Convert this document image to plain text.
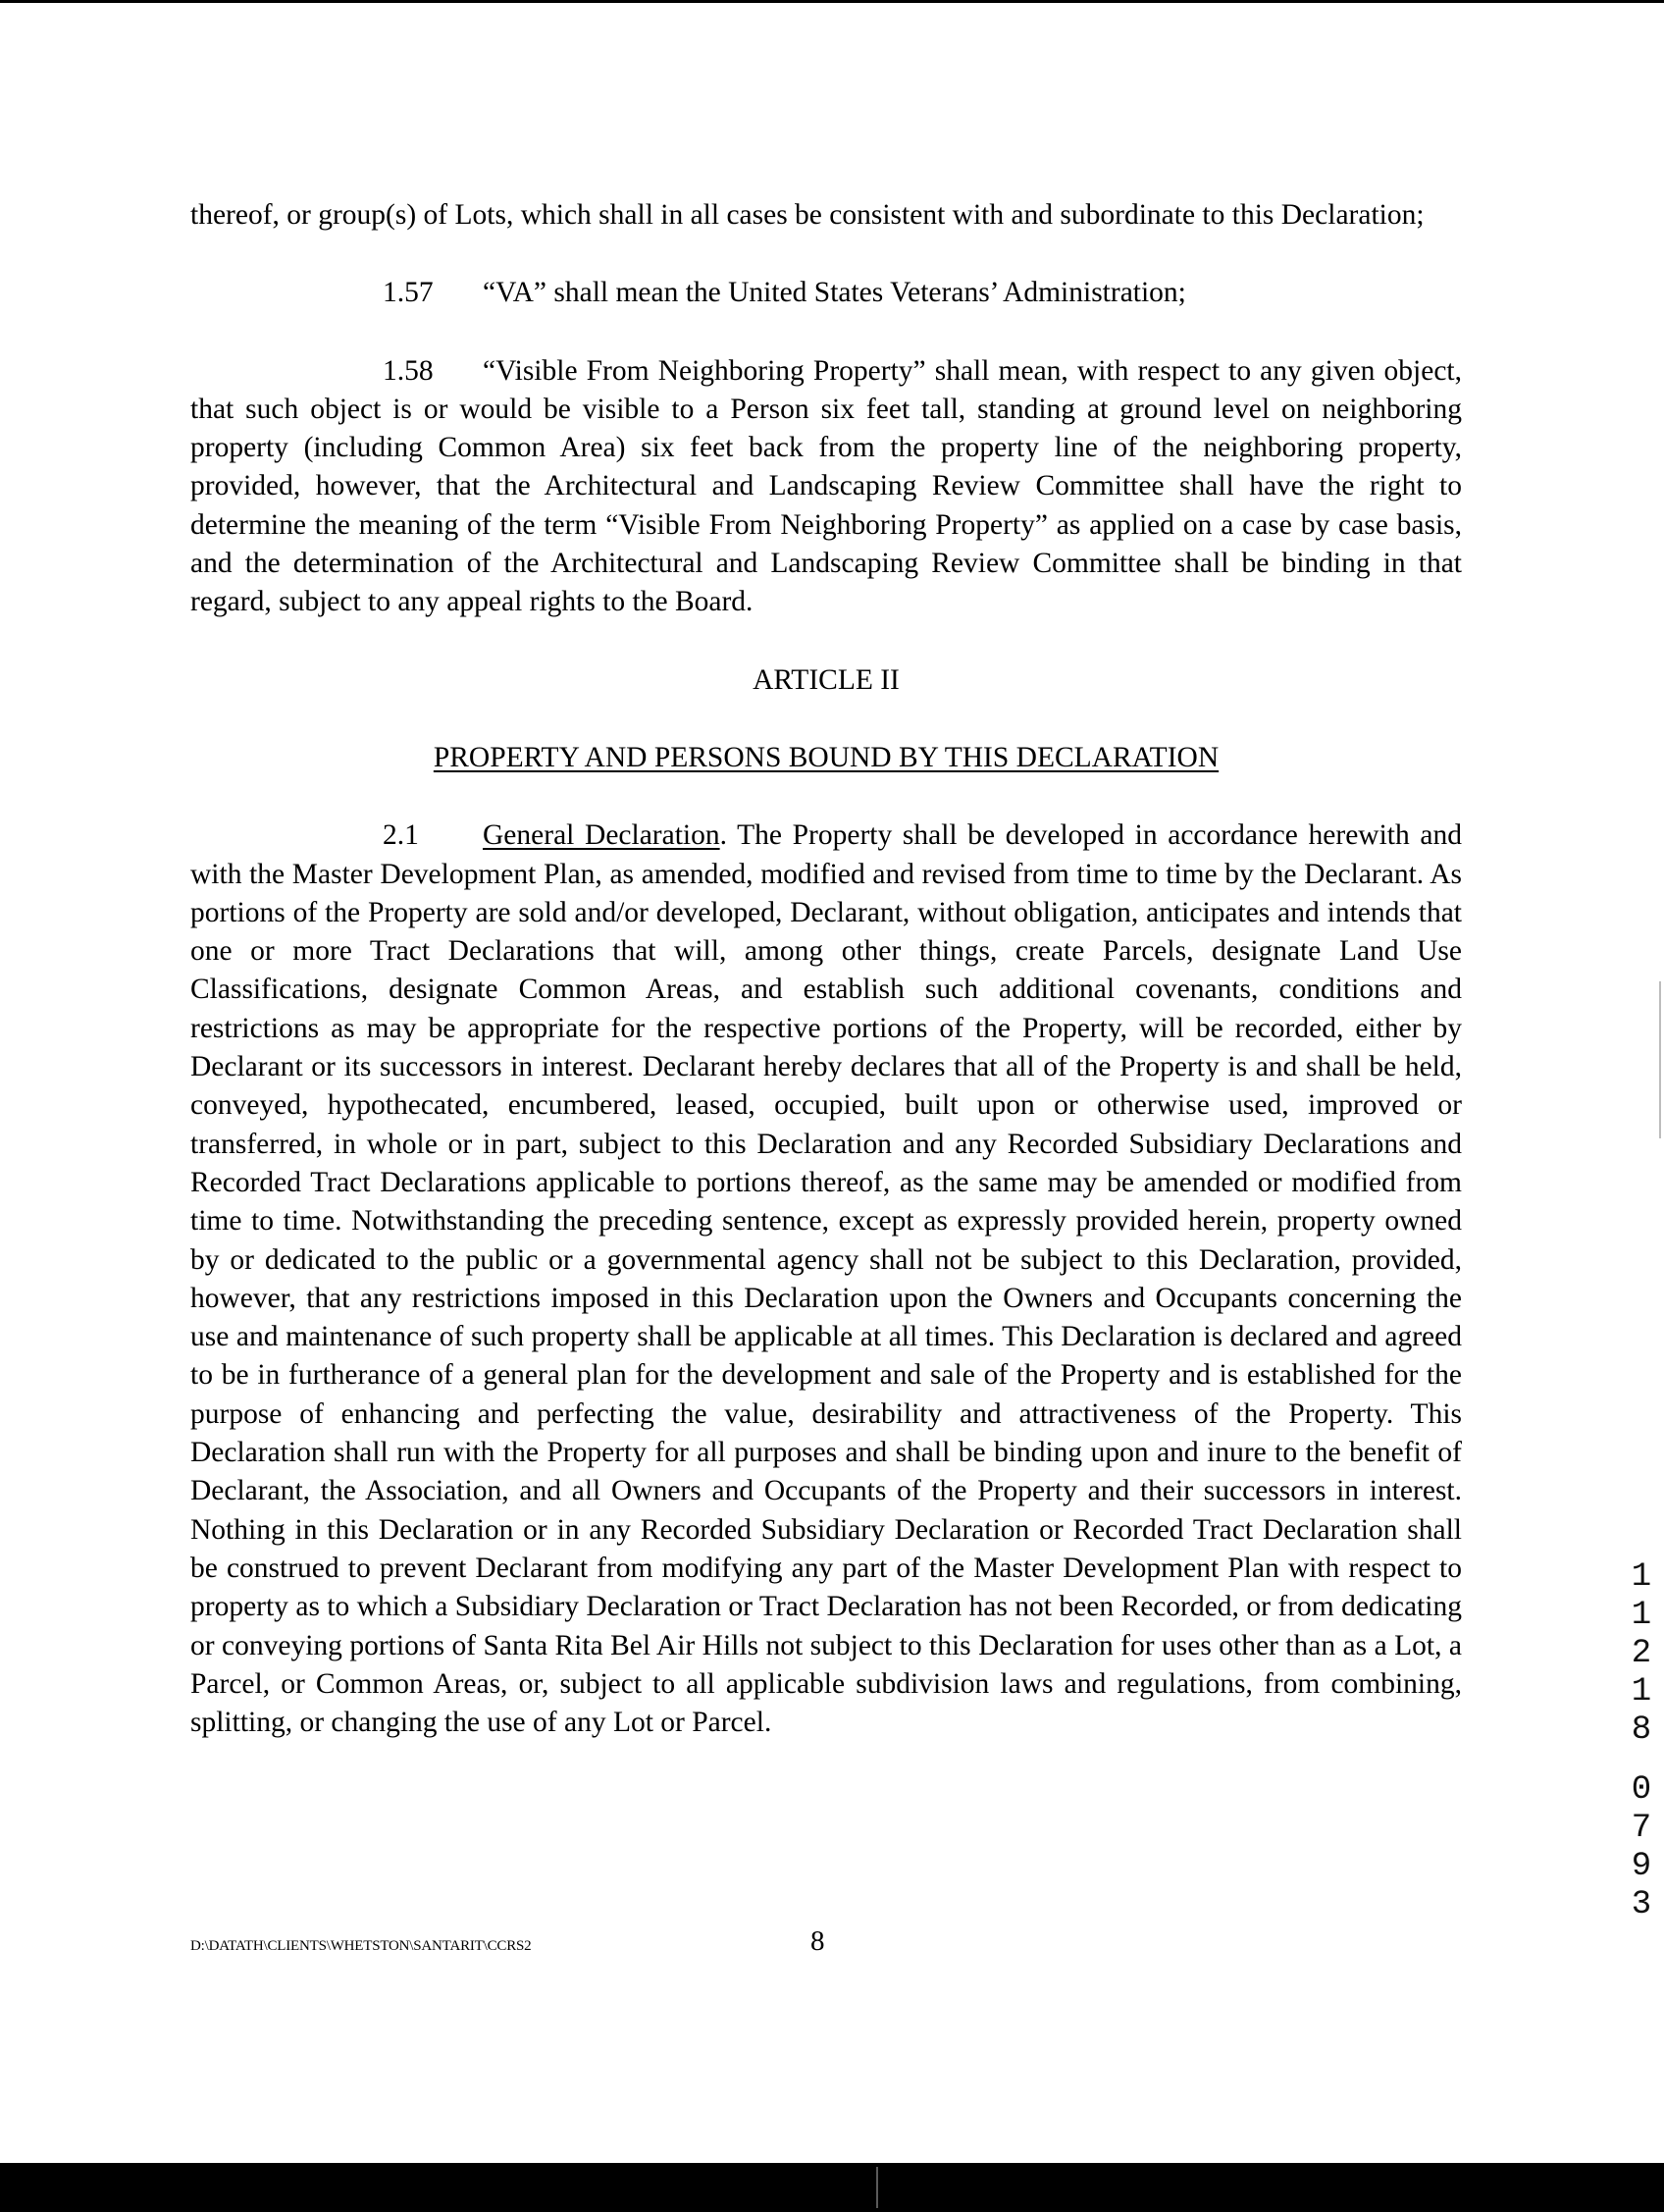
thereof, or group(s) of Lots, which shall in all cases be consistent with and subordinate to this Declaration;

1.57 “VA” shall mean the United States Veterans’ Administration;

1.58 “Visible From Neighboring Property” shall mean, with respect to any given object, that such object is or would be visible to a Person six feet tall, standing at ground level on neighboring property (including Common Area) six feet back from the property line of the neighboring property, provided, however, that the Architectural and Landscaping Review Committee shall have the right to determine the meaning of the term “Visible From Neighboring Property” as applied on a case by case basis, and the determination of the Architectural and Landscaping Review Committee shall be binding in that regard, subject to any appeal rights to the Board.

ARTICLE II

PROPERTY AND PERSONS BOUND BY THIS DECLARATION

2.1 General Declaration. The Property shall be developed in accordance herewith and with the Master Development Plan, as amended, modified and revised from time to time by the Declarant. As portions of the Property are sold and/or developed, Declarant, without obligation, anticipates and intends that one or more Tract Declarations that will, among other things, create Parcels, designate Land Use Classifications, designate Common Areas, and establish such additional covenants, conditions and restrictions as may be appropriate for the respective portions of the Property, will be recorded, either by Declarant or its successors in interest. Declarant hereby declares that all of the Property is and shall be held, conveyed, hypothecated, encumbered, leased, occupied, built upon or otherwise used, improved or transferred, in whole or in part, subject to this Declaration and any Recorded Subsidiary Declarations and Recorded Tract Declarations applicable to portions thereof, as the same may be amended or modified from time to time. Notwithstanding the preceding sentence, except as expressly provided herein, property owned by or dedicated to the public or a governmental agency shall not be subject to this Declaration, provided, however, that any restrictions imposed in this Declaration upon the Owners and Occupants concerning the use and maintenance of such property shall be applicable at all times. This Declaration is declared and agreed to be in furtherance of a general plan for the development and sale of the Property and is established for the purpose of enhancing and perfecting the value, desirability and attractiveness of the Property. This Declaration shall run with the Property for all purposes and shall be binding upon and inure to the benefit of Declarant, the Association, and all Owners and Occupants of the Property and their successors in interest. Nothing in this Declaration or in any Recorded Subsidiary Declaration or Recorded Tract Declaration shall be construed to prevent Declarant from modifying any part of the Master Development Plan with respect to property as to which a Subsidiary Declaration or Tract Declaration has not been Recorded, or from dedicating or conveying portions of Santa Rita Bel Air Hills not subject to this Declaration for uses other than as a Lot, a Parcel, or Common Areas, or, subject to all applicable subdivision laws and regulations, from combining, splitting, or changing the use of any Lot or Parcel.

D:\DATATH\CLIENTS\WHETSTON\SANTARIT\CCRS2	8
1
1
2
1
8
0
7
9
3
